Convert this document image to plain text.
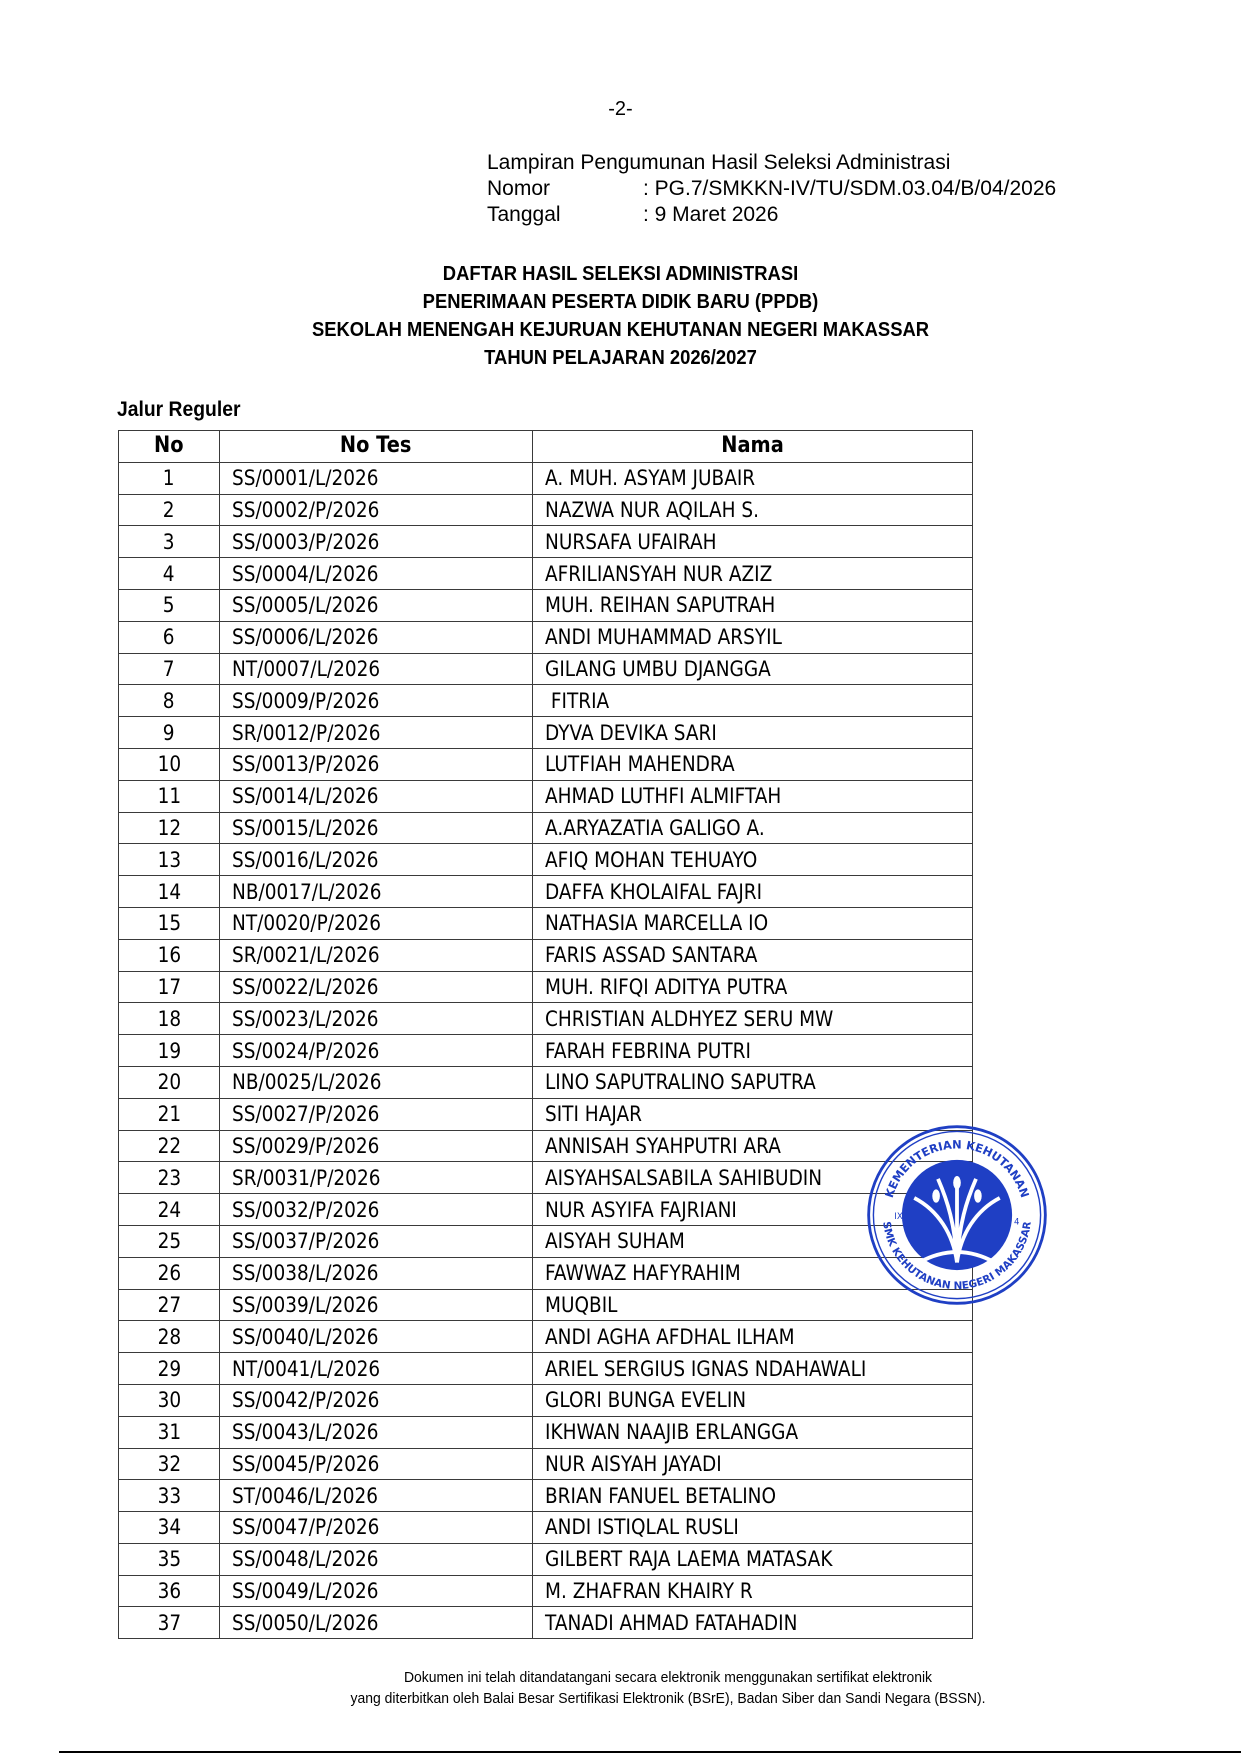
-2-
Lampiran Pengumunan Hasil Seleksi Administrasi
Nomor	: PG.7/SMKKN-IV/TU/SDM.03.04/B/04/2026
Tanggal	: 9 Maret 2026
DAFTAR HASIL SELEKSI ADMINISTRASI
PENERIMAAN PESERTA DIDIK BARU (PPDB)
SEKOLAH MENENGAH KEJURUAN KEHUTANAN NEGERI MAKASSAR
TAHUN PELAJARAN 2026/2027
Jalur Reguler
No	No Tes	Nama
1	SS/0001/L/2026	A. MUH. ASYAM JUBAIR
2	SS/0002/P/2026	NAZWA NUR AQILAH S.
3	SS/0003/P/2026	NURSAFA UFAIRAH
4	SS/0004/L/2026	AFRILIANSYAH NUR AZIZ
5	SS/0005/L/2026	MUH. REIHAN SAPUTRAH
6	SS/0006/L/2026	ANDI MUHAMMAD ARSYIL
7	NT/0007/L/2026	GILANG UMBU DJANGGA
8	SS/0009/P/2026	FITRIA
9	SR/0012/P/2026	DYVA DEVIKA SARI
10	SS/0013/P/2026	LUTFIAH MAHENDRA
11	SS/0014/L/2026	AHMAD LUTHFI ALMIFTAH
12	SS/0015/L/2026	A.ARYAZATIA GALIGO A.
13	SS/0016/L/2026	AFIQ MOHAN TEHUAYO
14	NB/0017/L/2026	DAFFA KHOLAIFAL FAJRI
15	NT/0020/P/2026	NATHASIA MARCELLA IO
16	SR/0021/L/2026	FARIS ASSAD SANTARA
17	SS/0022/L/2026	MUH. RIFQI ADITYA PUTRA
18	SS/0023/L/2026	CHRISTIAN ALDHYEZ SERU MW
19	SS/0024/P/2026	FARAH FEBRINA PUTRI
20	NB/0025/L/2026	LINO SAPUTRALINO SAPUTRA
21	SS/0027/P/2026	SITI HAJAR
22	SS/0029/P/2026	ANNISAH SYAHPUTRI ARA
23	SR/0031/P/2026	AISYAHSALSABILA SAHIBUDIN
24	SS/0032/P/2026	NUR ASYIFA FAJRIANI
25	SS/0037/P/2026	AISYAH SUHAM
26	SS/0038/L/2026	FAWWAZ HAFYRAHIM
27	SS/0039/L/2026	MUQBIL
28	SS/0040/L/2026	ANDI AGHA AFDHAL ILHAM
29	NT/0041/L/2026	ARIEL SERGIUS IGNAS NDAHAWALI
30	SS/0042/P/2026	GLORI BUNGA EVELIN
31	SS/0043/L/2026	IKHWAN NAAJIB ERLANGGA
32	SS/0045/P/2026	NUR AISYAH JAYADI
33	ST/0046/L/2026	BRIAN FANUEL BETALINO
34	SS/0047/P/2026	ANDI ISTIQLAL RUSLI
35	SS/0048/L/2026	GILBERT RAJA LAEMA MATASAK
36	SS/0049/L/2026	M. ZHAFRAN KHAIRY R
37	SS/0050/L/2026	TANADI AHMAD FATAHADIN
KEMENTERIAN KEHUTANAN
SMK KEHUTANAN NEGERI MAKASSAR
IX
4
Dokumen ini telah ditandatangani secara elektronik menggunakan sertifikat elektronik
yang diterbitkan oleh Balai Besar Sertifikasi Elektronik (BSrE), Badan Siber dan Sandi Negara (BSSN).
